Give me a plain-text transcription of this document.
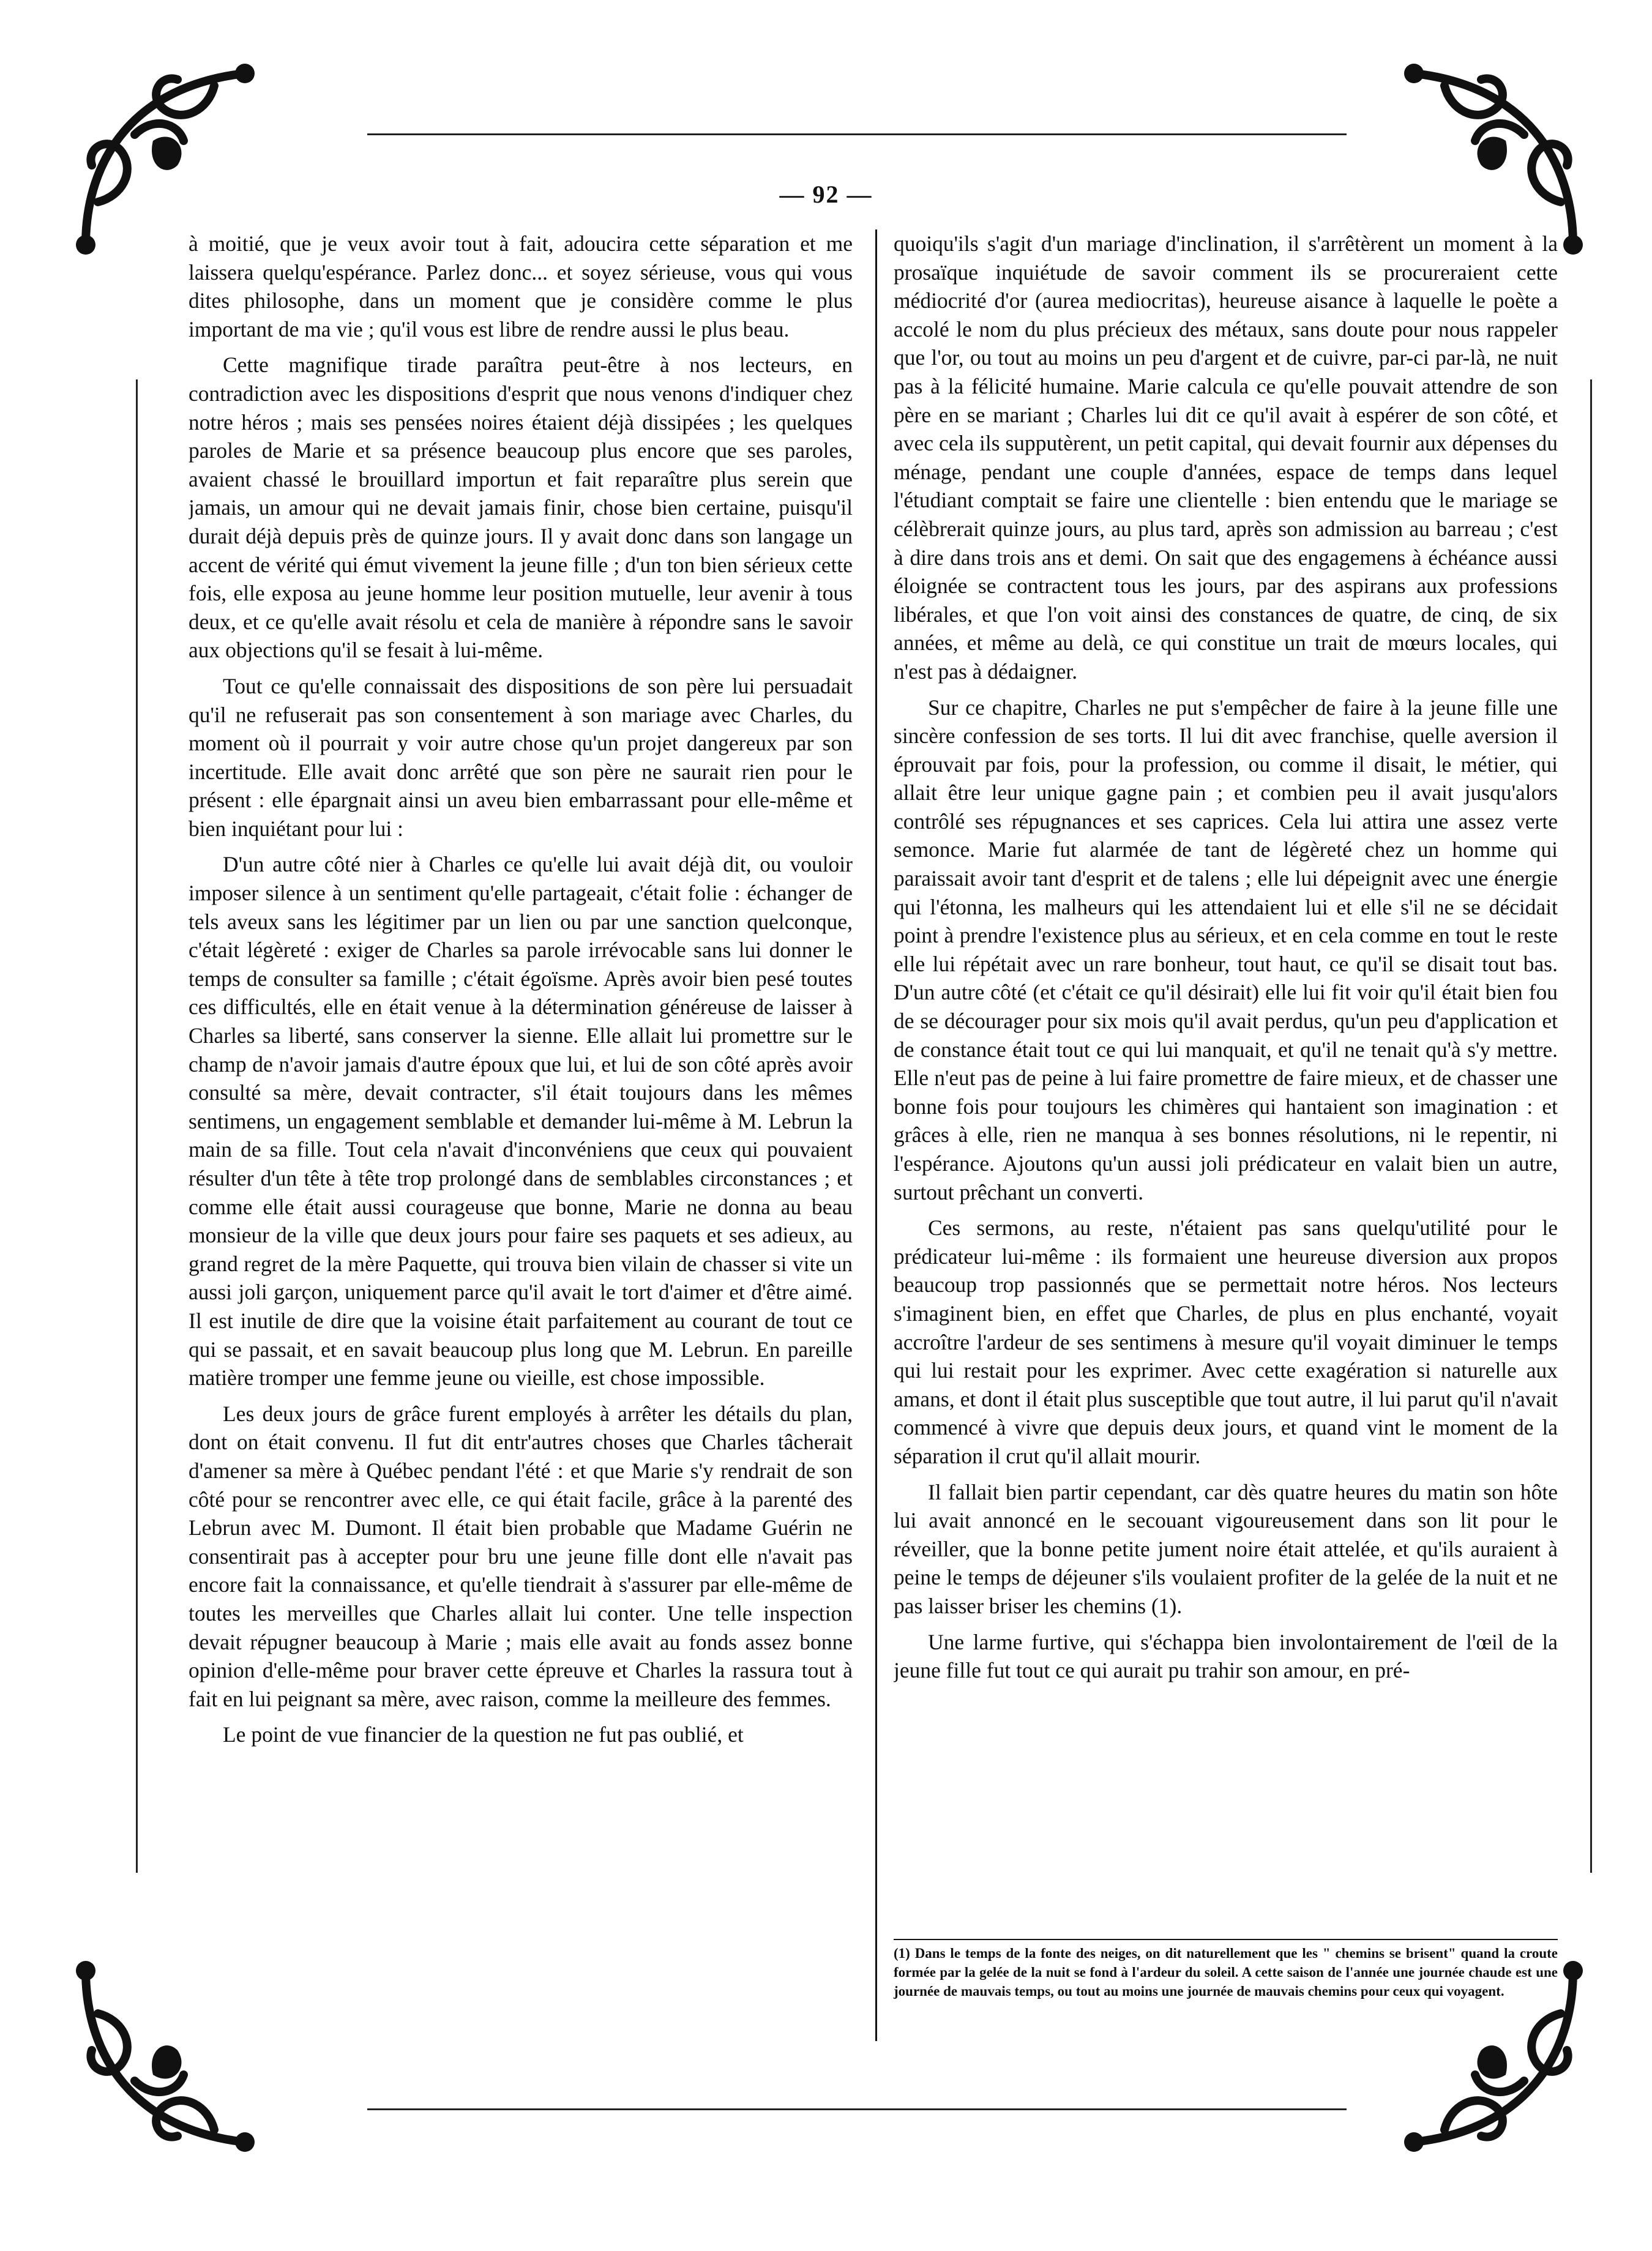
— 92 —

à moitié, que je veux avoir tout à fait, adoucira cette séparation et me laissera quelqu'espérance. Parlez donc... et soyez sérieuse, vous qui vous dites philosophe, dans un moment que je considère comme le plus important de ma vie ; qu'il vous est libre de rendre aussi le plus beau.

Cette magnifique tirade paraîtra peut-être à nos lecteurs, en contradiction avec les dispositions d'esprit que nous venons d'indiquer chez notre héros ; mais ses pensées noires étaient déjà dissipées ; les quelques paroles de Marie et sa présence beaucoup plus encore que ses paroles, avaient chassé le brouillard importun et fait reparaître plus serein que jamais, un amour qui ne devait jamais finir, chose bien certaine, puisqu'il durait déjà depuis près de quinze jours. Il y avait donc dans son langage un accent de vérité qui émut vivement la jeune fille ; d'un ton bien sérieux cette fois, elle exposa au jeune homme leur position mutuelle, leur avenir à tous deux, et ce qu'elle avait résolu et cela de manière à répondre sans le savoir aux objections qu'il se fesait à lui-même.

Tout ce qu'elle connaissait des dispositions de son père lui persuadait qu'il ne refuserait pas son consentement à son mariage avec Charles, du moment où il pourrait y voir autre chose qu'un projet dangereux par son incertitude. Elle avait donc arrêté que son père ne saurait rien pour le présent : elle épargnait ainsi un aveu bien embarrassant pour elle-même et bien inquiétant pour lui :

D'un autre côté nier à Charles ce qu'elle lui avait déjà dit, ou vouloir imposer silence à un sentiment qu'elle partageait, c'était folie : échanger de tels aveux sans les légitimer par un lien ou par une sanction quelconque, c'était légèreté : exiger de Charles sa parole irrévocable sans lui donner le temps de consulter sa famille ; c'était égoïsme. Après avoir bien pesé toutes ces difficultés, elle en était venue à la détermination généreuse de laisser à Charles sa liberté, sans conserver la sienne. Elle allait lui promettre sur le champ de n'avoir jamais d'autre époux que lui, et lui de son côté après avoir consulté sa mère, devait contracter, s'il était toujours dans les mêmes sentimens, un engagement semblable et demander lui-même à M. Lebrun la main de sa fille. Tout cela n'avait d'inconvéniens que ceux qui pouvaient résulter d'un tête à tête trop prolongé dans de semblables circonstances ; et comme elle était aussi courageuse que bonne, Marie ne donna au beau monsieur de la ville que deux jours pour faire ses paquets et ses adieux, au grand regret de la mère Paquette, qui trouva bien vilain de chasser si vite un aussi joli garçon, uniquement parce qu'il avait le tort d'aimer et d'être aimé. Il est inutile de dire que la voisine était parfaitement au courant de tout ce qui se passait, et en savait beaucoup plus long que M. Lebrun. En pareille matière tromper une femme jeune ou vieille, est chose impossible.

Les deux jours de grâce furent employés à arrêter les détails du plan, dont on était convenu. Il fut dit entr'autres choses que Charles tâcherait d'amener sa mère à Québec pendant l'été : et que Marie s'y rendrait de son côté pour se rencontrer avec elle, ce qui était facile, grâce à la parenté des Lebrun avec M. Dumont. Il était bien probable que Madame Guérin ne consentirait pas à accepter pour bru une jeune fille dont elle n'avait pas encore fait la connaissance, et qu'elle tiendrait à s'assurer par elle-même de toutes les merveilles que Charles allait lui conter. Une telle inspection devait répugner beaucoup à Marie ; mais elle avait au fonds assez bonne opinion d'elle-même pour braver cette épreuve et Charles la rassura tout à fait en lui peignant sa mère, avec raison, comme la meilleure des femmes.

Le point de vue financier de la question ne fut pas oublié, et

quoiqu'ils s'agit d'un mariage d'inclination, il s'arrêtèrent un moment à la prosaïque inquiétude de savoir comment ils se procureraient cette médiocrité d'or (aurea mediocritas), heureuse aisance à laquelle le poète a accolé le nom du plus précieux des métaux, sans doute pour nous rappeler que l'or, ou tout au moins un peu d'argent et de cuivre, par-ci par-là, ne nuit pas à la félicité humaine. Marie calcula ce qu'elle pouvait attendre de son père en se mariant ; Charles lui dit ce qu'il avait à espérer de son côté, et avec cela ils supputèrent, un petit capital, qui devait fournir aux dépenses du ménage, pendant une couple d'années, espace de temps dans lequel l'étudiant comptait se faire une clientelle : bien entendu que le mariage se célèbrerait quinze jours, au plus tard, après son admission au barreau ; c'est à dire dans trois ans et demi. On sait que des engagemens à échéance aussi éloignée se contractent tous les jours, par des aspirans aux professions libérales, et que l'on voit ainsi des constances de quatre, de cinq, de six années, et même au delà, ce qui constitue un trait de mœurs locales, qui n'est pas à dédaigner.

Sur ce chapitre, Charles ne put s'empêcher de faire à la jeune fille une sincère confession de ses torts. Il lui dit avec franchise, quelle aversion il éprouvait par fois, pour la profession, ou comme il disait, le métier, qui allait être leur unique gagne pain ; et combien peu il avait jusqu'alors contrôlé ses répugnances et ses caprices. Cela lui attira une assez verte semonce. Marie fut alarmée de tant de légèreté chez un homme qui paraissait avoir tant d'esprit et de talens ; elle lui dépeignit avec une énergie qui l'étonna, les malheurs qui les attendaient lui et elle s'il ne se décidait point à prendre l'existence plus au sérieux, et en cela comme en tout le reste elle lui répétait avec un rare bonheur, tout haut, ce qu'il se disait tout bas. D'un autre côté (et c'était ce qu'il désirait) elle lui fit voir qu'il était bien fou de se décourager pour six mois qu'il avait perdus, qu'un peu d'application et de constance était tout ce qui lui manquait, et qu'il ne tenait qu'à s'y mettre. Elle n'eut pas de peine à lui faire promettre de faire mieux, et de chasser une bonne fois pour toujours les chimères qui hantaient son imagination : et grâces à elle, rien ne manqua à ses bonnes résolutions, ni le repentir, ni l'espérance. Ajoutons qu'un aussi joli prédicateur en valait bien un autre, surtout prêchant un converti.

Ces sermons, au reste, n'étaient pas sans quelqu'utilité pour le prédicateur lui-même : ils formaient une heureuse diversion aux propos beaucoup trop passionnés que se permettait notre héros. Nos lecteurs s'imaginent bien, en effet que Charles, de plus en plus enchanté, voyait accroître l'ardeur de ses sentimens à mesure qu'il voyait diminuer le temps qui lui restait pour les exprimer. Avec cette exagération si naturelle aux amans, et dont il était plus susceptible que tout autre, il lui parut qu'il n'avait commencé à vivre que depuis deux jours, et quand vint le moment de la séparation il crut qu'il allait mourir.

Il fallait bien partir cependant, car dès quatre heures du matin son hôte lui avait annoncé en le secouant vigoureusement dans son lit pour le réveiller, que la bonne petite jument noire était attelée, et qu'ils auraient à peine le temps de déjeuner s'ils voulaient profiter de la gelée de la nuit et ne pas laisser briser les chemins (1).

Une larme furtive, qui s'échappa bien involontairement de l'œil de la jeune fille fut tout ce qui aurait pu trahir son amour, en pré-

(1) Dans le temps de la fonte des neiges, on dit naturellement que les " chemins se brisent" quand la croute formée par la gelée de la nuit se fond à l'ardeur du soleil. A cette saison de l'année une journée chaude est une journée de mauvais temps, ou tout au moins une journée de mauvais chemins pour ceux qui voyagent.
